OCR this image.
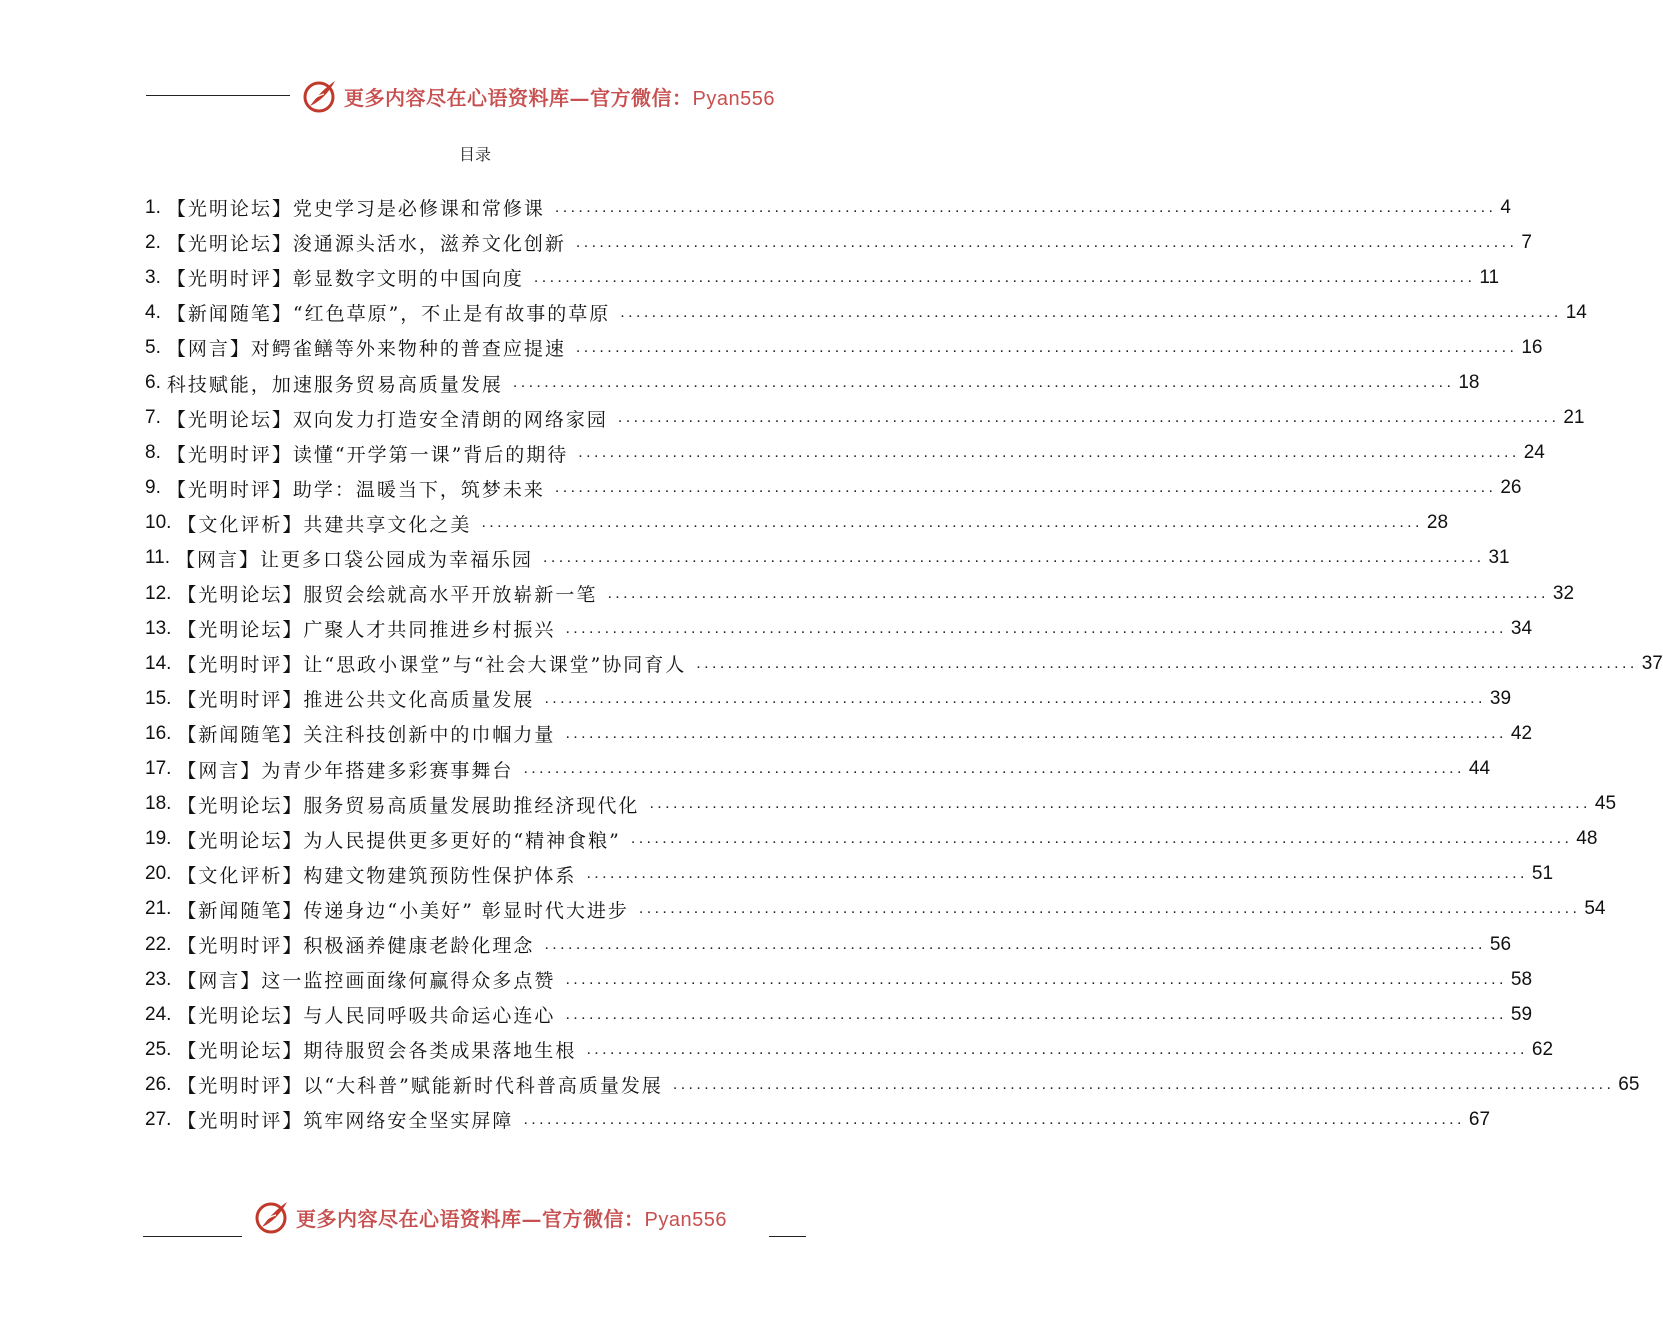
更多内容尽在心语资料库—官方微信：Pyan556
目录
1. 【光明论坛】党史学习是必修课和常修课 ........................................................................................................................ 4
2. 【光明论坛】浚通源头活水，滋养文化创新 ........................................................................................................................ 7
3. 【光明时评】彰显数字文明的中国向度 ........................................................................................................................ 11
4. 【新闻随笔】“红色草原”，不止是有故事的草原 ........................................................................................................................ 14
5. 【网言】对鳄雀鳝等外来物种的普查应提速 ........................................................................................................................ 16
6. 科技赋能，加速服务贸易高质量发展 ........................................................................................................................ 18
7. 【光明论坛】双向发力打造安全清朗的网络家园 ........................................................................................................................ 21
8. 【光明时评】读懂“开学第一课”背后的期待 ........................................................................................................................ 24
9. 【光明时评】助学：温暖当下，筑梦未来 ........................................................................................................................ 26
10. 【文化评析】共建共享文化之美 ........................................................................................................................ 28
11. 【网言】让更多口袋公园成为幸福乐园 ........................................................................................................................ 31
12. 【光明论坛】服贸会绘就高水平开放崭新一笔 ........................................................................................................................ 32
13. 【光明论坛】广聚人才共同推进乡村振兴 ........................................................................................................................ 34
14. 【光明时评】让“思政小课堂”与“社会大课堂”协同育人 ........................................................................................................................ 37
15. 【光明时评】推进公共文化高质量发展 ........................................................................................................................ 39
16. 【新闻随笔】关注科技创新中的巾帼力量 ........................................................................................................................ 42
17. 【网言】为青少年搭建多彩赛事舞台 ........................................................................................................................ 44
18. 【光明论坛】服务贸易高质量发展助推经济现代化 ........................................................................................................................ 45
19. 【光明论坛】为人民提供更多更好的“精神食粮” ........................................................................................................................ 48
20. 【文化评析】构建文物建筑预防性保护体系 ........................................................................................................................ 51
21. 【新闻随笔】传递身边“小美好” 彰显时代大进步 ........................................................................................................................ 54
22. 【光明时评】积极涵养健康老龄化理念 ........................................................................................................................ 56
23. 【网言】这一监控画面缘何赢得众多点赞 ........................................................................................................................ 58
24. 【光明论坛】与人民同呼吸共命运心连心 ........................................................................................................................ 59
25. 【光明论坛】期待服贸会各类成果落地生根 ........................................................................................................................ 62
26. 【光明时评】以“大科普”赋能新时代科普高质量发展 ........................................................................................................................ 65
27. 【光明时评】筑牢网络安全坚实屏障 ........................................................................................................................ 67
更多内容尽在心语资料库—官方微信：Pyan556
